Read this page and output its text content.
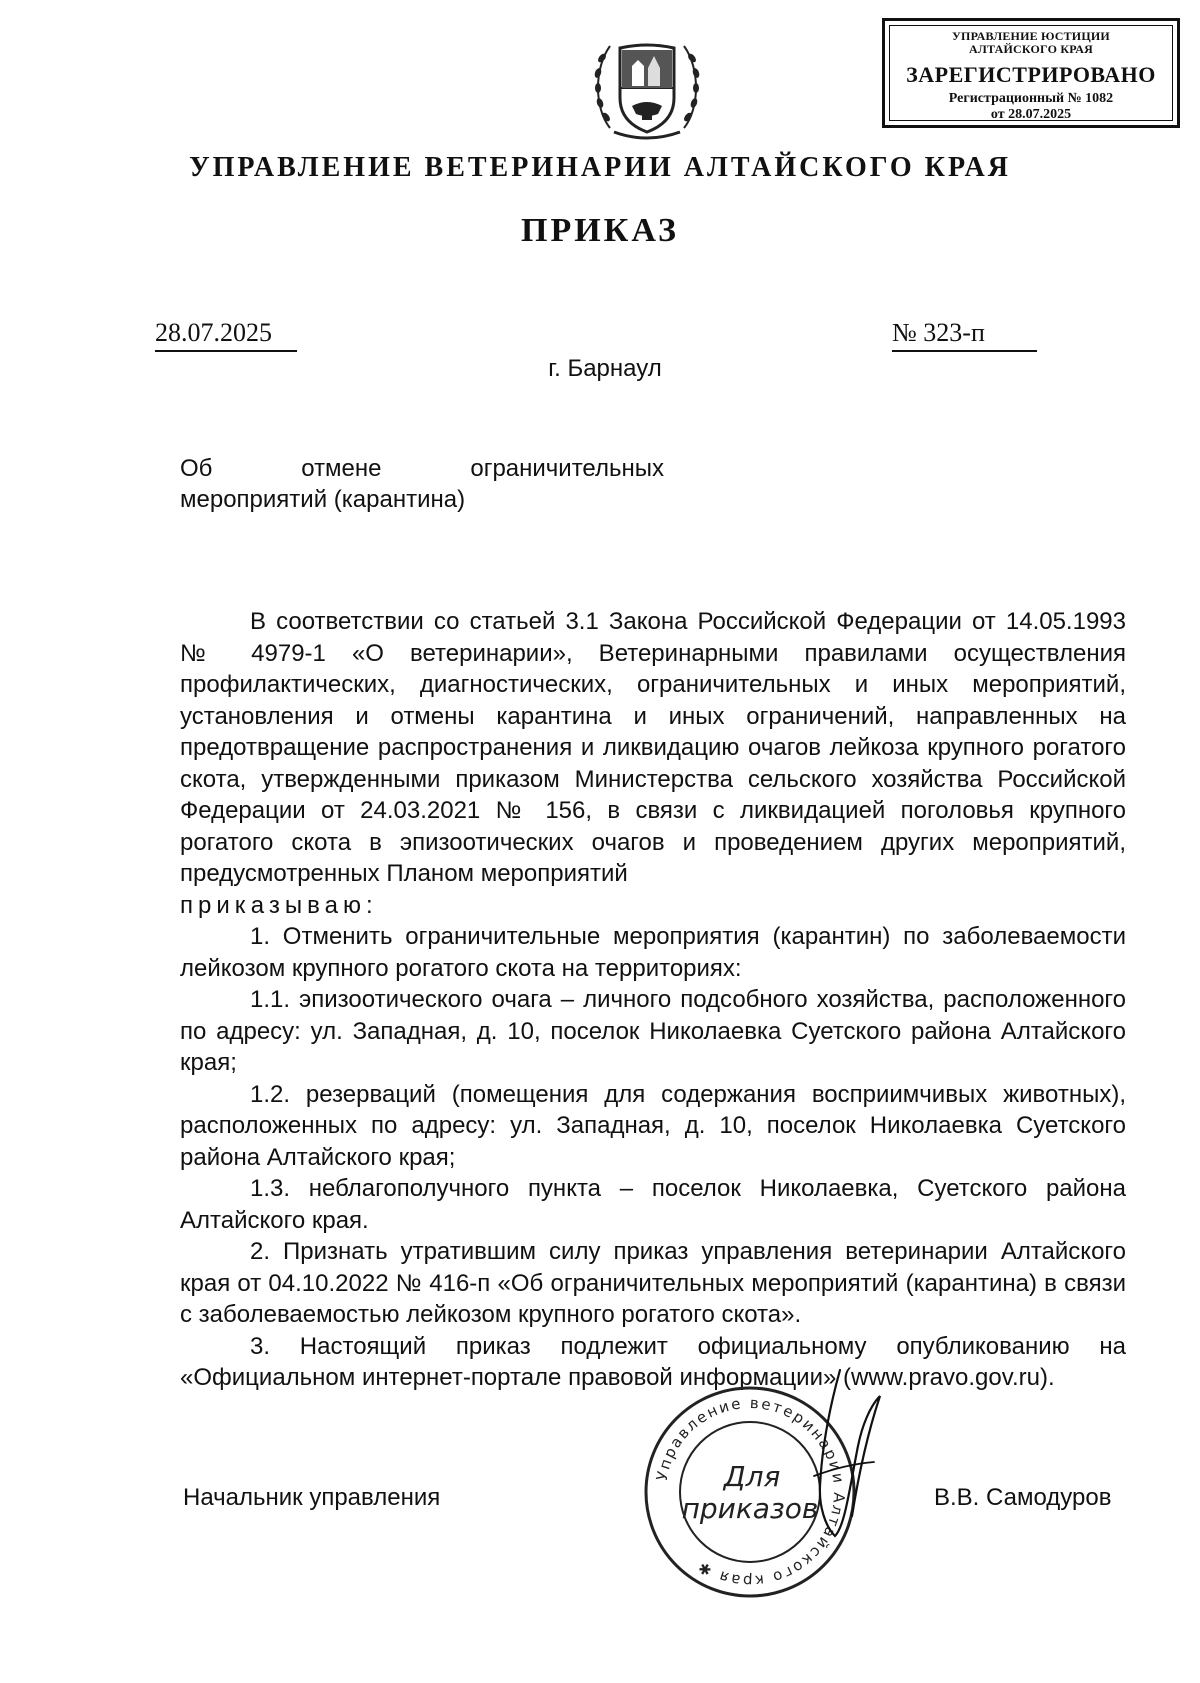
УПРАВЛЕНИЕ ЮСТИЦИИ
АЛТАЙСКОГО КРАЯ
ЗАРЕГИСТРИРОВАНО
Регистрационный № 1082
от 28.07.2025
УПРАВЛЕНИЕ ВЕТЕРИНАРИИ АЛТАЙСКОГО КРАЯ
ПРИКАЗ
28.07.2025	№ 323-п
г. Барнаул
Об отмене ограничительных
мероприятий (карантина)

В соответствии со статьей 3.1 Закона Российской Федерации от 14.05.1993 № 4979-1 «О ветеринарии», Ветеринарными правилами осуществления профилактических, диагностических, ограничительных и иных мероприятий, установления и отмены карантина и иных ограничений, направленных на предотвращение распространения и ликвидацию очагов лейкоза крупного рогатого скота, утвержденными приказом Министерства сельского хозяйства Российской Федерации от 24.03.2021 № 156, в связи с ликвидацией поголовья крупного рогатого скота в эпизоотических очагов и проведением других мероприятий, предусмотренных Планом мероприятий

приказываю:

1. Отменить ограничительные мероприятия (карантин) по заболеваемости лейкозом крупного рогатого скота на территориях:

1.1. эпизоотического очага – личного подсобного хозяйства, расположенного по адресу: ул. Западная, д. 10, поселок Николаевка Суетского района Алтайского края;

1.2. резерваций (помещения для содержания восприимчивых животных), расположенных по адресу: ул. Западная, д. 10, поселок Николаевка Суетского района Алтайского края;

1.3. неблагополучного пункта – поселок Николаевка, Суетского района Алтайского края.

2. Признать утратившим силу приказ управления ветеринарии Алтайского края от 04.10.2022 № 416-п «Об ограничительных мероприятий (карантина) в связи с заболеваемостью лейкозом крупного рогатого скота».

3. Настоящий приказ подлежит официальному опубликованию на «Официальном интернет-портале правовой информации» (www.pravo.gov.ru).

Начальник управления	В.В. Самодуров
Управление ветеринарии Алтайского края ✱
Для
приказов
